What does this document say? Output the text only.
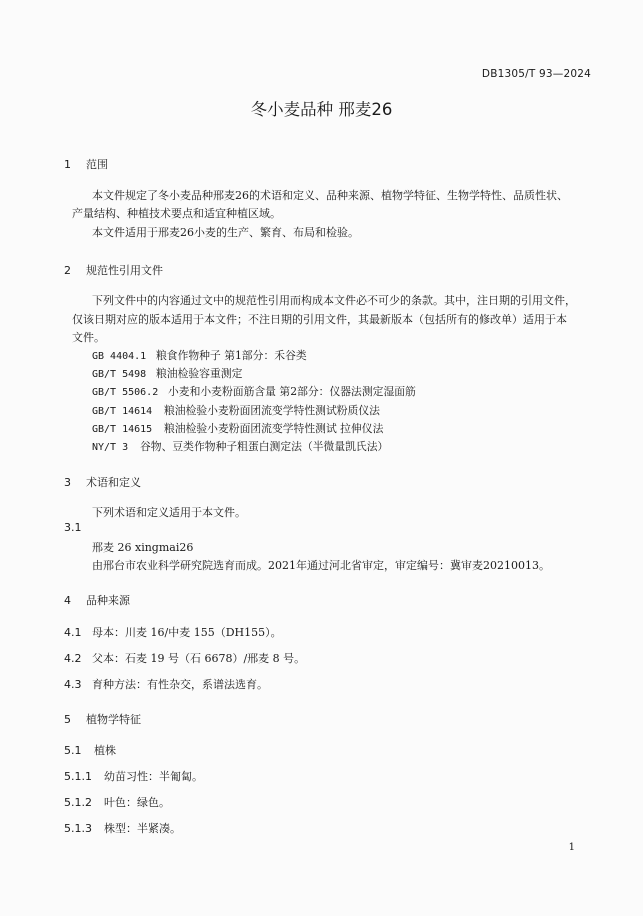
DB1305/T 93—2024
冬小麦品种 邢麦26
1 范围
本文件规定了冬小麦品种邢麦26的术语和定义、品种来源、植物学特征、生物学特性、品质性状、
产量结构、种植技术要点和适宜种植区域。
本文件适用于邢麦26小麦的生产、繁育、布局和检验。
2 规范性引用文件
下列文件中的内容通过文中的规范性引用而构成本文件必不可少的条款。其中，注日期的引用文件，
仅该日期对应的版本适用于本文件；不注日期的引用文件，其最新版本（包括所有的修改单）适用于本
文件。
GB 4404.1 粮食作物种子 第1部分：禾谷类
GB/T 5498 粮油检验容重测定
GB/T 5506.2 小麦和小麦粉面筋含量 第2部分：仪器法测定湿面筋
GB/T 14614 粮油检验小麦粉面团流变学特性测试粉质仪法
GB/T 14615 粮油检验小麦粉面团流变学特性测试 拉伸仪法
NY/T 3 谷物、豆类作物种子粗蛋白测定法（半微量凯氏法）
3 术语和定义
下列术语和定义适用于本文件。
3.1
邢麦 26 xingmai26
由邢台市农业科学研究院选育而成。2021年通过河北省审定，审定编号：冀审麦20210013。
4 品种来源
4.1 母本：川麦 16/中麦 155（DH155）。
4.2 父本：石麦 19 号（石 6678）/邢麦 8 号。
4.3 育种方法：有性杂交，系谱法选育。
5 植物学特征
5.1 植株
5.1.1 幼苗习性：半匍匐。
5.1.2 叶色：绿色。
5.1.3 株型：半紧凑。
1
